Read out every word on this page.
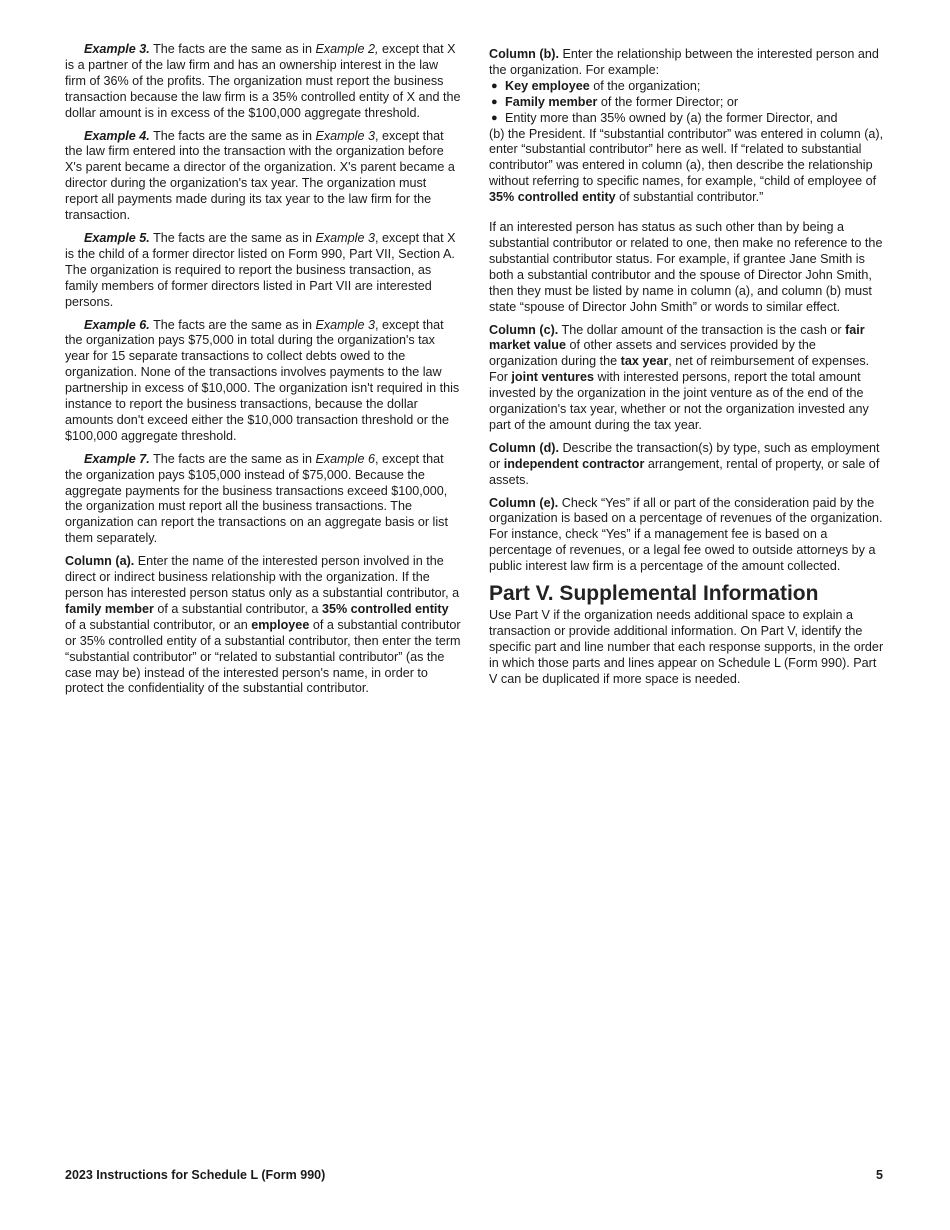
Example 3. The facts are the same as in Example 2, except that X is a partner of the law firm and has an ownership interest in the law firm of 36% of the profits. The organization must report the business transaction because the law firm is a 35% controlled entity of X and the dollar amount is in excess of the $100,000 aggregate threshold.

Example 4. The facts are the same as in Example 3, except that the law firm entered into the transaction with the organization before X's parent became a director of the organization. X's parent became a director during the organization's tax year. The organization must report all payments made during its tax year to the law firm for the transaction.

Example 5. The facts are the same as in Example 3, except that X is the child of a former director listed on Form 990, Part VII, Section A. The organization is required to report the business transaction, as family members of former directors listed in Part VII are interested persons.

Example 6. The facts are the same as in Example 3, except that the organization pays $75,000 in total during the organization's tax year for 15 separate transactions to collect debts owed to the organization. None of the transactions involves payments to the law partnership in excess of $10,000. The organization isn't required in this instance to report the business transactions, because the dollar amounts don't exceed either the $10,000 transaction threshold or the $100,000 aggregate threshold.

Example 7. The facts are the same as in Example 6, except that the organization pays $105,000 instead of $75,000. Because the aggregate payments for the business transactions exceed $100,000, the organization must report all the business transactions. The organization can report the transactions on an aggregate basis or list them separately.

Column (a). Enter the name of the interested person involved in the direct or indirect business relationship with the organization. If the person has interested person status only as a substantial contributor, a family member of a substantial contributor, a 35% controlled entity of a substantial contributor, or an employee of a substantial contributor or 35% controlled entity of a substantial contributor, then enter the term “substantial contributor” or “related to substantial contributor” (as the case may be) instead of the interested person's name, in order to protect the confidentiality of the substantial contributor.

Column (b). Enter the relationship between the interested person and the organization. For example:

● Key employee of the organization;
● Family member of the former Director; or
● Entity more than 35% owned by (a) the former Director, and

(b) the President. If “substantial contributor” was entered in column (a), enter “substantial contributor” here as well. If “related to substantial contributor” was entered in column (a), then describe the relationship without referring to specific names, for example, “child of employee of 35% controlled entity of substantial contributor.”

If an interested person has status as such other than by being a substantial contributor or related to one, then make no reference to the substantial contributor status. For example, if grantee Jane Smith is both a substantial contributor and the spouse of Director John Smith, then they must be listed by name in column (a), and column (b) must state “spouse of Director John Smith” or words to similar effect.

Column (c). The dollar amount of the transaction is the cash or fair market value of other assets and services provided by the organization during the tax year, net of reimbursement of expenses. For joint ventures with interested persons, report the total amount invested by the organization in the joint venture as of the end of the organization's tax year, whether or not the organization invested any part of the amount during the tax year.

Column (d). Describe the transaction(s) by type, such as employment or independent contractor arrangement, rental of property, or sale of assets.

Column (e). Check “Yes” if all or part of the consideration paid by the organization is based on a percentage of revenues of the organization. For instance, check “Yes” if a management fee is based on a percentage of revenues, or a legal fee owed to outside attorneys by a public interest law firm is a percentage of the amount collected.

Part V. Supplemental Information

Use Part V if the organization needs additional space to explain a transaction or provide additional information. On Part V, identify the specific part and line number that each response supports, in the order in which those parts and lines appear on Schedule L (Form 990). Part V can be duplicated if more space is needed.

2023 Instructions for Schedule L (Form 990)	5
